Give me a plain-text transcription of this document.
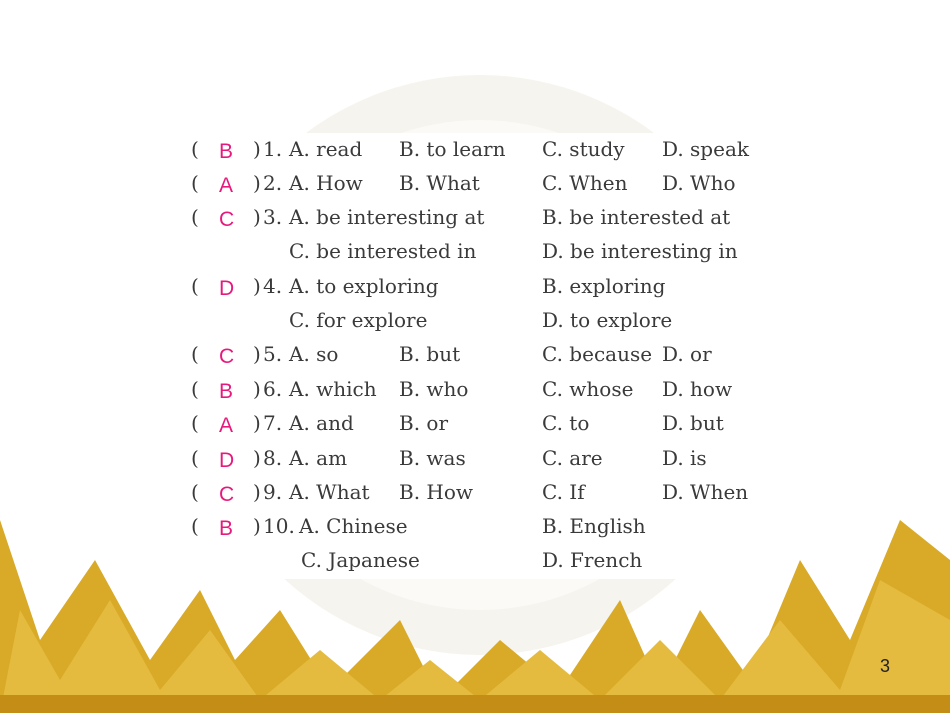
( B ) 1. A. read B. to learn C. study D. speak
( A ) 2. A. How B. What	C. When D. Who
( C ) 3. A. be interesting at	B. be interested at
C. be interested in	D. be interesting in
( D ) 4. A. to exploring	B. exploring
C. for explore	D. to explore
( C ) 5. A. so	B. but	C. because D. or
( B ) 6. A. which B. who	C. whose D. how
( A ) 7. A. and B. or	C. to	D. but
( D ) 8. A. am	B. was	C. are	D. is
( C ) 9. A. What B. How	C. If	D. When
( B ) 10. A. Chinese	B. English
C. Japanese	D. French
3
